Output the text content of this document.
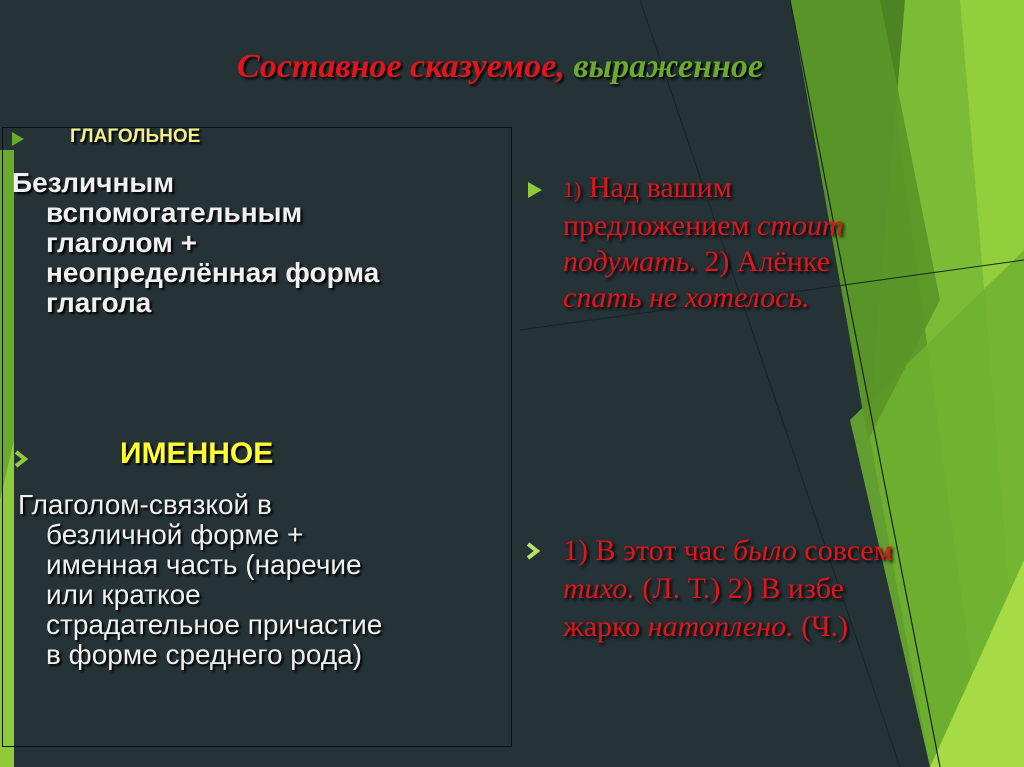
Составное сказуемое, выраженное
ГЛАГОЛЬНОЕ

Безличным
вспомогательным
глаголом +
неопределённая форма
глагола

ИМЕННОЕ

Глаголом-связкой в
безличной форме +
именная часть (наречие
или краткое
страдательное причастие
в форме среднего рода)

1) Над вашим
предложением стоит
подумать. 2) Алёнке
спать не хотелось.

1) В этот час было совсем
тихо. (Л. Т.) 2) В избе
жарко натоплено. (Ч.)
